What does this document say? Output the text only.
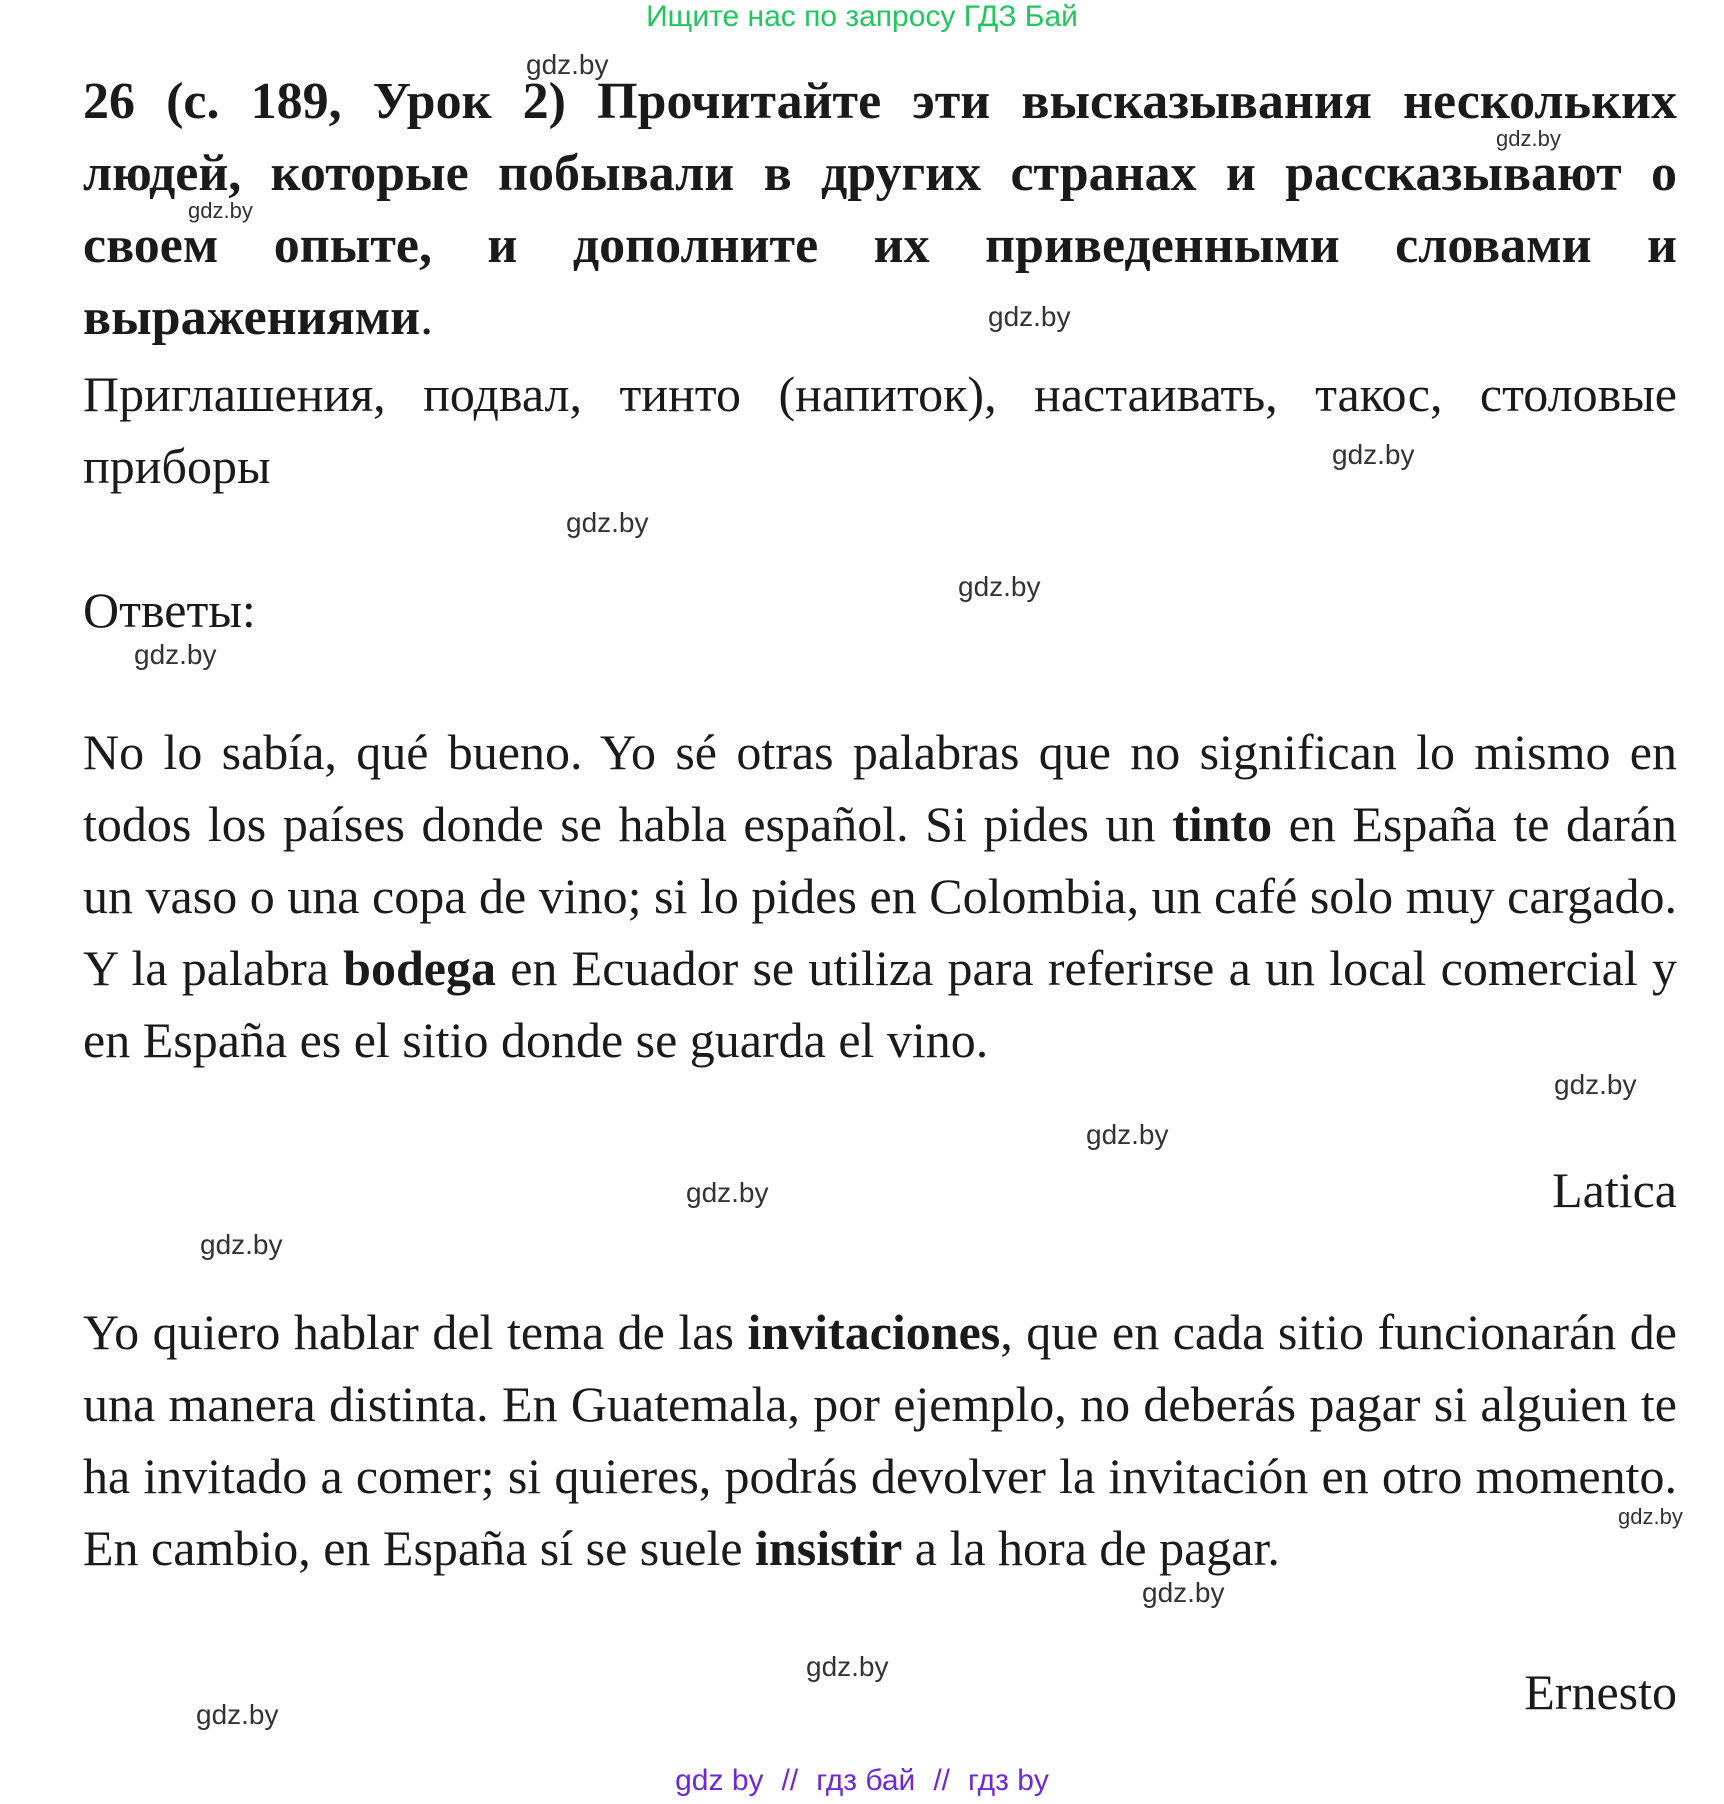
Ищите нас по запросу ГДЗ Бай
26 (с. 189, Урок 2) Прочитайте эти высказывания нескольких людей, которые побывали в других странах и рассказывают о своем опыте, и дополните их приведенными словами и выражениями.
Приглашения, подвал, тинто (напиток), настаивать, такос, столовые приборы
Ответы:
No lo sabía, qué bueno. Yo sé otras palabras que no significan lo mismo en todos los países donde se habla español. Si pides un tinto en España te darán un vaso o una copa de vino; si lo pides en Colombia, un café solo muy cargado. Y la palabra bodega en Ecuador se utiliza para referirse a un local comercial y en España es el sitio donde se guarda el vino.
Latica
Yo quiero hablar del tema de las invitaciones, que en cada sitio funcionarán de una manera distinta. En Guatemala, por ejemplo, no deberás pagar si alguien te ha invitado a comer; si quieres, podrás devolver la invitación en otro momento. En cambio, en España sí se suele insistir a la hora de pagar.
Ernesto
gdz.by
gdz.by
gdz.by
gdz.by
gdz.by
gdz.by
gdz.by
gdz.by
gdz.by
gdz.by
gdz.by
gdz.by
gdz.by
gdz.by
gdz.by
gdz.by
gdz by // гдз бай // гдз by
